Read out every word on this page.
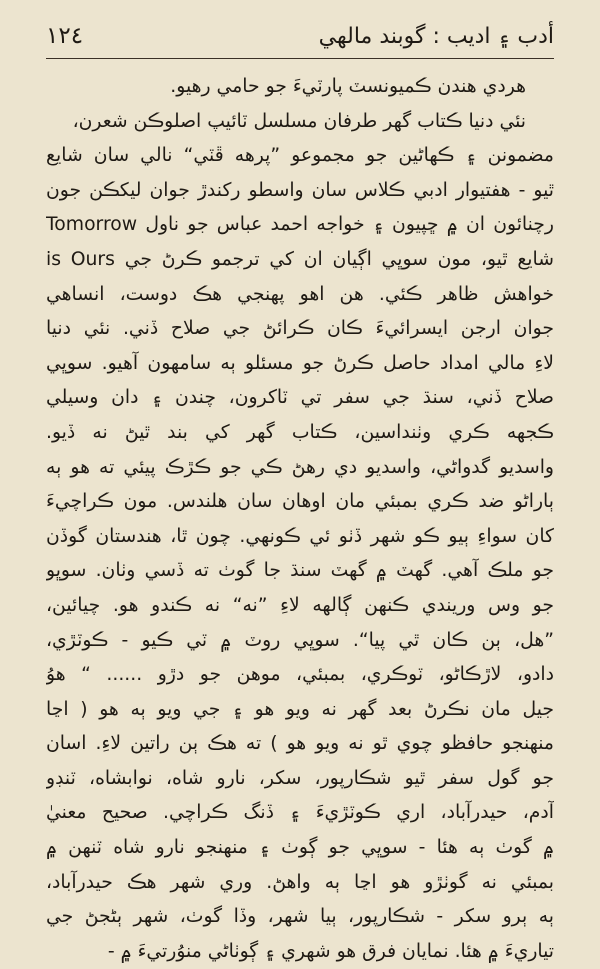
١٢٤	أدب ۽ اديب : گوبند مالهي
هردي هندن ڪميونسٽ پارٽيءَ جو حامي رهيو.
نئي دنيا ڪتاب گهر طرفان مسلسل ٽائيپ اصلوڪن شعرن،
مضمونن ۽ ڪهاڻين جو مجموعو ”پرهه ڦٽي“ نالي سان شايع
ٿيو - هفتيوار ادبي ڪلاس سان واسطو رکندڙ جوان ليکڪن جون
رچنائون ان ۾ ڇپيون ۽ خواجه احمد عباس جو ناول Tomorrow
is Ours شايع ٿيو، مون سوڀي اڳيان ان کي ترجمو ڪرڻ جي
خواهش ظاهر ڪئي. هن اهو پهنجي هڪ دوست، انساهي
جوان ارجن ايسرائيءَ ڪان ڪرائڻ جي صلاح ڏني. نئي دنيا
لاءِ مالي امداد حاصل ڪرڻ جو مسئلو ٻه سامهون آهيو. سوڀي
صلاح ڏني، سنڌ جي سفر تي ٽاکرون، چندن ۽ دان وسيلي
ڪجهه ڪري وٺنداسين، ڪتاب گهر کي بند ٿيڻ نه ڏيو.
واسديو گدواڻي، واسديو دي رهڻ ڪي جو ڪڙڪ پيئي ته هو ٻه
ٻاراڻو ضد ڪري بمبئي مان اوهان سان هلندس. مون ڪراچيءَ
کان سواءِ ٻيو ڪو شهر ڏٺو ئي ڪونهي. چون ٿا، هندستان گوڏن
جو ملڪ آهي. گهٽ ۾ گهٽ سنڌ جا گوٺ ته ڏسي وٺان. سوڀو
جو وس وريندي ڪنهن ڳالهه لاءِ ”نه“ نه ڪندو هو. چيائين،
”هل، ٻن ڪان ٿي پيا“. سوڀي روٽ ۾ ٽي ڪيو - ڪوٽڙي،
دادو، لاڙڪاڻو، ٽوڪري، بمبئي، موهن جو دڙو ...... “ هوُ
جيل مان نڪرڻ بعد گهر نه ويو هو ۽ جي ويو ٻه هو ( اڃا
منهنجو حافظو چوي ٿو نه ويو هو ) ته هڪ ٻن راتين لاءِ. اسان
جو گول سفر ٿيو شڪارپور، سکر، نارو شاه، نوابشاه، ٽنڊو
آدم، حيدرآباد، اري ڪوٽڙيءَ ۽ ڏنگ ڪراچي. صحيح معنيٰ
۾ گوٺ ٻه هئا - سوڀي جو ڳوٺ ۽ منهنجو نارو شاه ٽنهن ۾
بمبئي نه گوٺڙو هو اڃا ٻه واهڻ. وري شهر هڪ حيدرآباد،
ٻه ٻرو سکر - شڪارپور، ٻيا شهر، وڏا گوٺ، شهر ٻڻجڻ جي
تياريءَ ۾ هئا. نمايان فرق هو شهري ۽ ڳوٺاڻي منوُرتيءَ ۾ -
